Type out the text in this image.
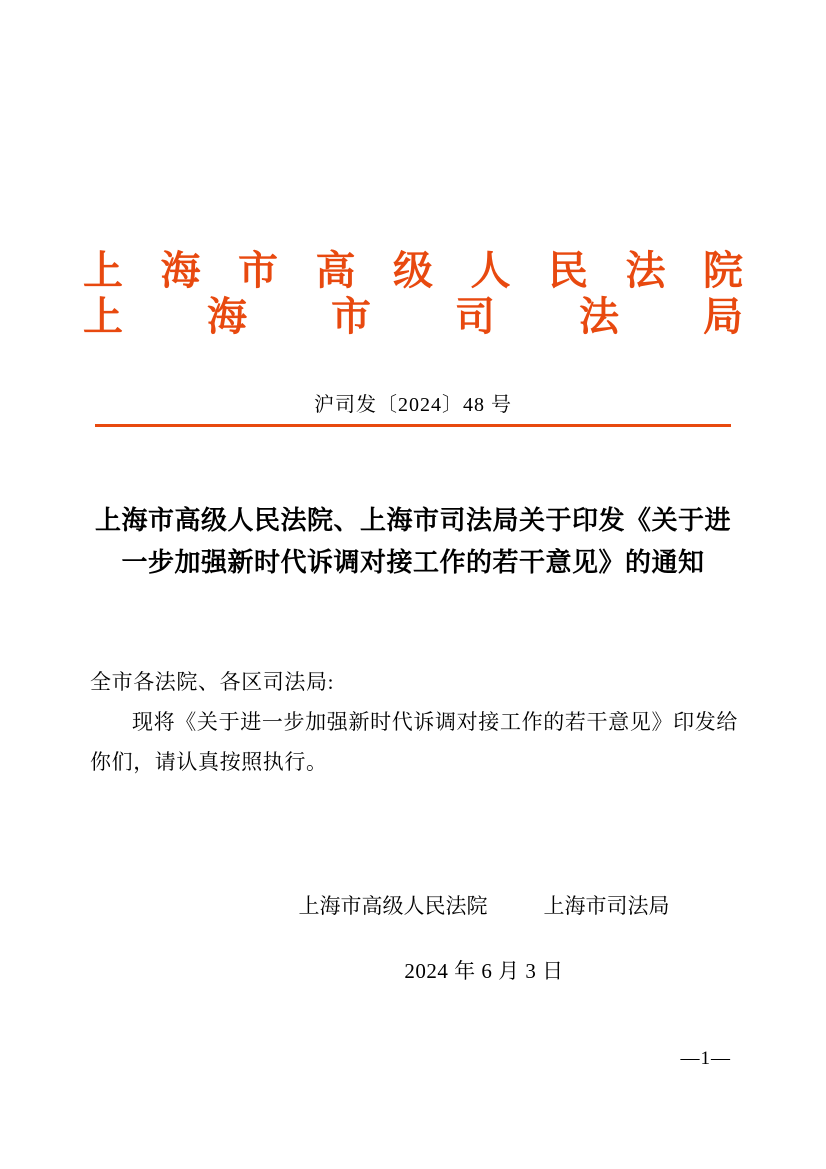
上海市高级人民法院
上海市司法局
沪司发〔2024〕48 号
上海市高级人民法院、上海市司法局关于印发《关于进一步加强新时代诉调对接工作的若干意见》的通知

全市各法院、各区司法局:

现将《关于进一步加强新时代诉调对接工作的若干意见》印发给你们，请认真按照执行。

上海市高级人民法院	上海市司法局
2024 年 6 月 3 日
—1—
